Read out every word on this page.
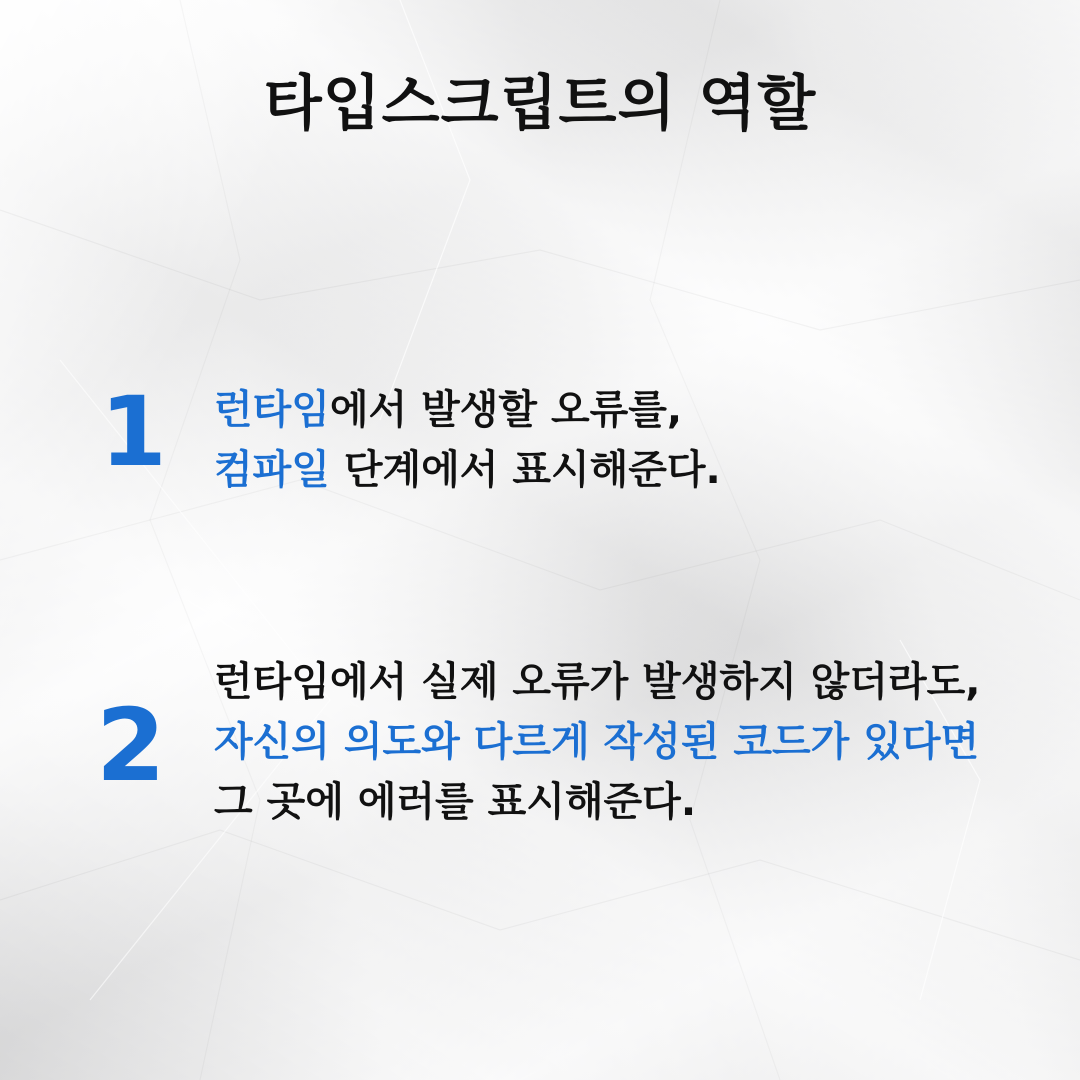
타입스크립트의 역할
1 런타임에서 발생할 오류를,
컴파일 단계에서 표시해준다.
2
런타임에서 실제 오류가 발생하지 않더라도,
자신의 의도와 다르게 작성된 코드가 있다면
그 곳에 에러를 표시해준다.
